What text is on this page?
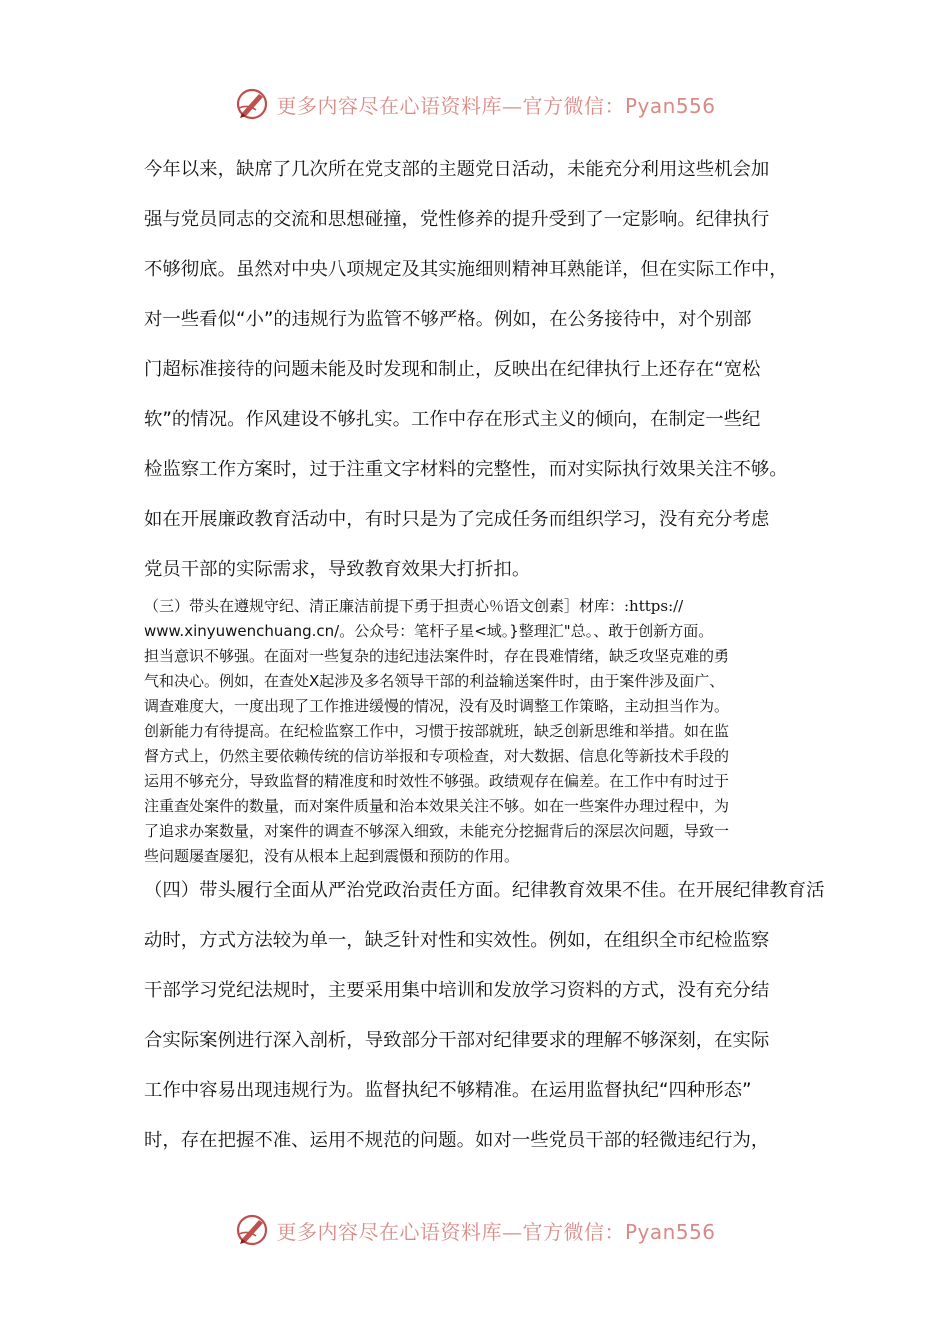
更多内容尽在心语资料库—官方微信：Pyan556

今年以来，缺席了几次所在党支部的主题党日活动，未能充分利用这些机会加

强与党员同志的交流和思想碰撞，党性修养的提升受到了一定影响。纪律执行

不够彻底。虽然对中央八项规定及其实施细则精神耳熟能详，但在实际工作中，

对一些看似“小”的违规行为监管不够严格。例如，在公务接待中，对个别部

门超标准接待的问题未能及时发现和制止，反映出在纪律执行上还存在“宽松

软”的情况。作风建设不够扎实。工作中存在形式主义的倾向，在制定一些纪

检监察工作方案时，过于注重文字材料的完整性，而对实际执行效果关注不够。

如在开展廉政教育活动中，有时只是为了完成任务而组织学习，没有充分考虑

党员干部的实际需求，导致教育效果大打折扣。

（三）带头在遵规守纪、清正廉洁前提下勇于担责心％语文创素］材库：:https://

www.xinyuwenchuang.cn/。公众号：笔杆子星<域。}整理汇"总。、敢于创新方面。

担当意识不够强。在面对一些复杂的违纪违法案件时，存在畏难情绪，缺乏攻坚克难的勇

气和决心。例如，在查处X起涉及多名领导干部的利益输送案件时，由于案件涉及面广、

调查难度大，一度出现了工作推进缓慢的情况，没有及时调整工作策略，主动担当作为。

创新能力有待提高。在纪检监察工作中，习惯于按部就班，缺乏创新思维和举措。如在监

督方式上，仍然主要依赖传统的信访举报和专项检查，对大数据、信息化等新技术手段的

运用不够充分，导致监督的精准度和时效性不够强。政绩观存在偏差。在工作中有时过于

注重查处案件的数量，而对案件质量和治本效果关注不够。如在一些案件办理过程中，为

了追求办案数量，对案件的调查不够深入细致，未能充分挖掘背后的深层次问题，导致一

些问题屡查屡犯，没有从根本上起到震慑和预防的作用。

（四）带头履行全面从严治党政治责任方面。纪律教育效果不佳。在开展纪律教育活

动时，方式方法较为单一，缺乏针对性和实效性。例如，在组织全市纪检监察

干部学习党纪法规时，主要采用集中培训和发放学习资料的方式，没有充分结

合实际案例进行深入剖析，导致部分干部对纪律要求的理解不够深刻，在实际

工作中容易出现违规行为。监督执纪不够精准。在运用监督执纪“四种形态”

时，存在把握不准、运用不规范的问题。如对一些党员干部的轻微违纪行为，

更多内容尽在心语资料库—官方微信：Pyan556
